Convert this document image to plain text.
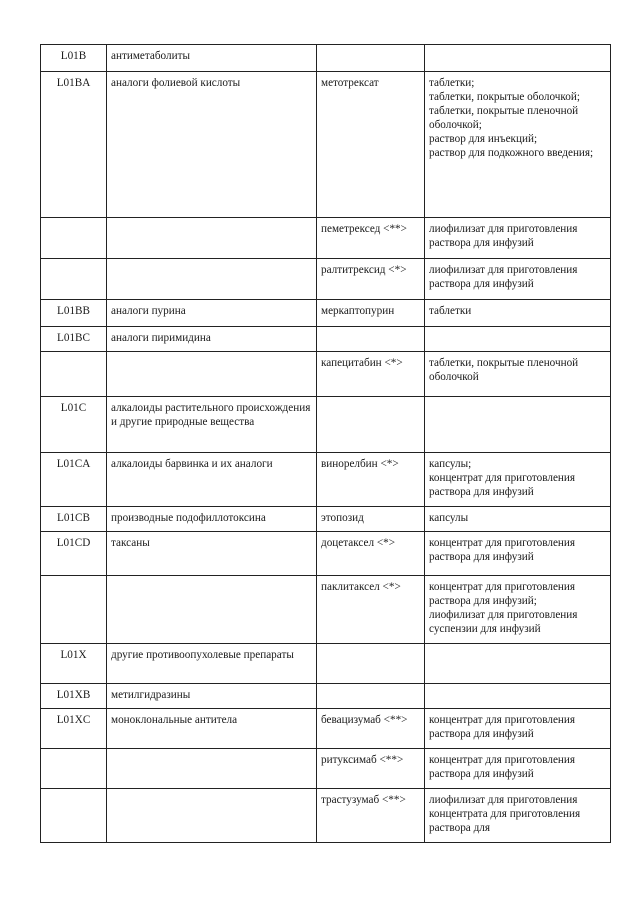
L01B	антиметаболиты		
L01BA	аналоги фолиевой кислоты	метотрексат	таблетки;
таблетки, покрытые оболочкой;
таблетки, покрытые пленочной оболочкой;
раствор для инъекций;
раствор для подкожного введения;
		пеметрексед <**>	лиофилизат для приготовления раствора для инфузий
		ралтитрексид <*>	лиофилизат для приготовления раствора для инфузий
L01BB	аналоги пурина	меркаптопурин	таблетки
L01BC	аналоги пиримидина		
		капецитабин <*>	таблетки, покрытые пленочной оболочкой
L01C	алкалоиды растительного происхождения и другие природные вещества		
L01CA	алкалоиды барвинка и их аналоги	винорелбин <*>	капсулы;
концентрат для приготовления раствора для инфузий
L01CB	производные подофиллотоксина	этопозид	капсулы
L01CD	таксаны	доцетаксел <*>	концентрат для приготовления раствора для инфузий
		паклитаксел <*>	концентрат для приготовления раствора для инфузий;
лиофилизат для приготовления суспензии для инфузий
L01X	другие противоопухолевые препараты		
L01XB	метилгидразины		
L01XC	моноклональные антитела	бевацизумаб <**>	концентрат для приготовления раствора для инфузий
		ритуксимаб <**>	концентрат для приготовления раствора для инфузий
		трастузумаб <**>	лиофилизат для приготовления концентрата для приготовления раствора для
